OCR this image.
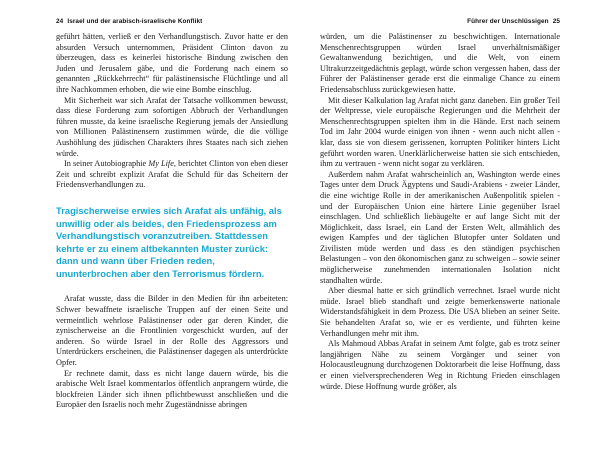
24 Israel und der arabisch-israelische Konflikt

geführt hätten, verließ er den Verhandlungstisch. Zuvor hatte er den absurden Versuch unternommen, Präsident Clinton davon zu überzeugen, dass es keinerlei historische Bindung zwischen den Juden und Jerusalem gäbe, und die Forderung nach einem so genannten „Rückkehrrecht“ für palästinensische Flüchtlinge und all ihre Nachkommen erhoben, die wie eine Bombe einschlug.

Mit Sicherheit war sich Arafat der Tatsache vollkommen bewusst, dass diese Forderung zum sofortigen Abbruch der Verhandlungen führen musste, da keine israelische Regierung jemals der Ansiedlung von Millionen Palästinensern zustimmen würde, die die völlige Aushöhlung des jüdischen Charakters ihres Staates nach sich ziehen würde.

In seiner Autobiographie My Life, berichtet Clinton von eben dieser Zeit und schreibt explizit Arafat die Schuld für das Scheitern der Friedensverhandlungen zu.

Tragischerweise erwies sich Arafat als unfähig, als unwillig oder als beides, den Friedensprozess am Verhandlungstisch voranzutreiben. Stattdessen kehrte er zu einem altbekannten Muster zurück: dann und wann über Frieden reden, ununterbrochen aber den Terrorismus fördern.

Arafat wusste, dass die Bilder in den Medien für ihn arbeiteten: Schwer bewaffnete israelische Truppen auf der einen Seite und vermeintlich wehrlose Palästinenser oder gar deren Kinder, die zynischerweise an die Frontlinien vorgeschickt wurden, auf der anderen. So würde Israel in der Rolle des Aggressors und Unterdrückers erscheinen, die Palästinenser dagegen als unterdrückte Opfer.

Er rechnete damit, dass es nicht lange dauern würde, bis die arabische Welt Israel kommentarlos öffentlich anprangern würde, die blockfreien Länder sich ihnen pflichtbewusst anschließen und die Europäer den Israelis noch mehr Zugeständnisse abringen

Führer der Unschlüssigen 25

würden, um die Palästinenser zu beschwichtigen. Internationale Menschenrechtsgruppen würden Israel unverhältnismäßiger Gewaltanwendung bezichtigen, und die Welt, von einem Ultrakurzzeitgedächtnis geplagt, würde schon vergessen haben, dass der Führer der Palästinenser gerade erst die einmalige Chance zu einem Friedensabschluss zurückgewiesen hatte.

Mit dieser Kalkulation lag Arafat nicht ganz daneben. Ein großer Teil der Weltpresse, viele europäische Regierungen und die Mehrheit der Menschenrechtsgruppen spielten ihm in die Hände. Erst nach seinem Tod im Jahr 2004 wurde einigen von ihnen - wenn auch nicht allen - klar, dass sie von diesem gerissenen, korrupten Politiker hinters Licht geführt worden waren. Unerklärlicherweise hatten sie sich entschieden, ihm zu vertrauen - wenn nicht sogar zu verklären.

Außerdem nahm Arafat wahrscheinlich an, Washington werde eines Tages unter dem Druck Ägyptens und Saudi-Arabiens - zweier Länder, die eine wichtige Rolle in der amerikanischen Außenpolitik spielen - und der Europäischen Union eine härtere Linie gegenüber Israel einschlagen. Und schließlich liebäugelte er auf lange Sicht mit der Möglichkeit, dass Israel, ein Land der Ersten Welt, allmählich des ewigen Kampfes und der täglichen Blutopfer unter Soldaten und Zivilisten müde werden und dass es den ständigen psychischen Belastungen – von den ökonomischen ganz zu schweigen – sowie seiner möglicherweise zunehmenden internationalen Isolation nicht standhalten würde.

Aber diesmal hatte er sich gründlich verrechnet. Israel wurde nicht müde. Israel blieb standhaft und zeigte bemerkenswerte nationale Widerstandsfähigkeit in dem Prozess. Die USA blieben an seiner Seite. Sie behandelten Arafat so, wie er es verdiente, und führten keine Verhandlungen mehr mit ihm.

Als Mahmoud Abbas Arafat in seinem Amt folgte, gab es trotz seiner langjährigen Nähe zu seinem Vorgänger und seiner von Holocaustleugnung durchzogenen Doktorarbeit die leise Hoffnung, dass er einen vielversprechenderen Weg in Richtung Frieden einschlagen würde. Diese Hoffnung wurde größer, als
